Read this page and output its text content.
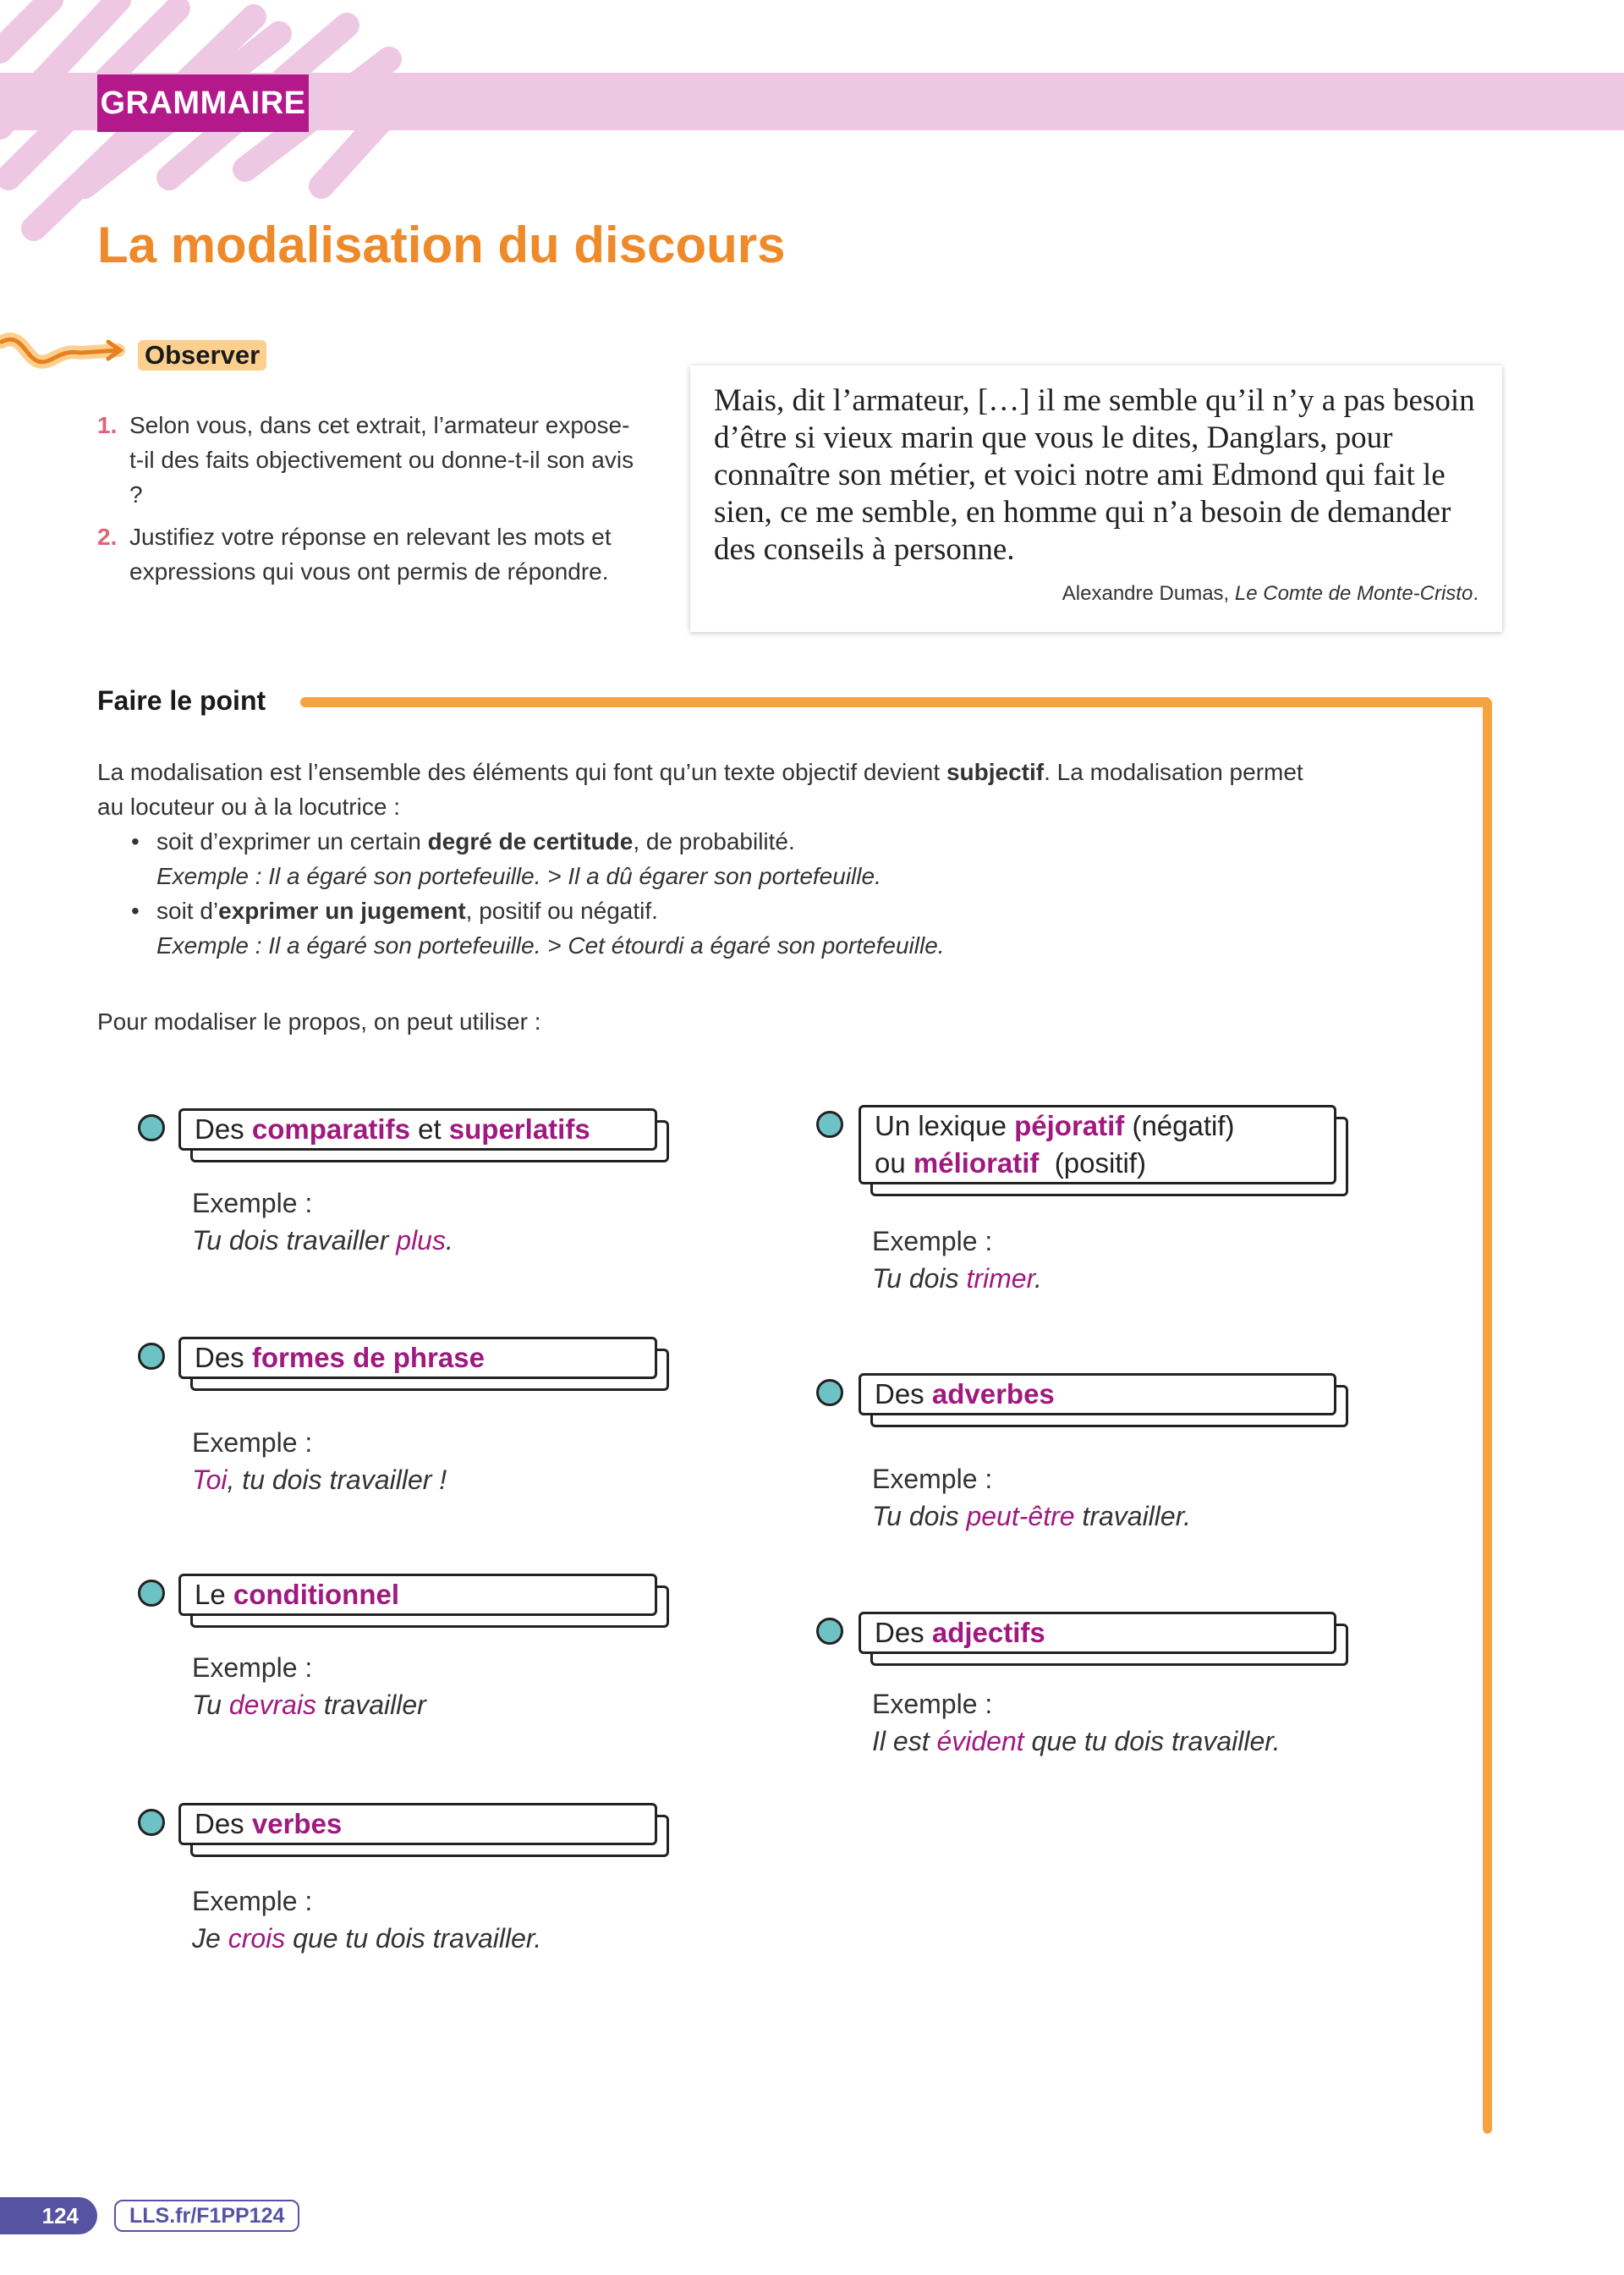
GRAMMAIRE
La modalisation du discours
Observer
1. Selon vous, dans cet extrait, l’armateur expose-t-il des faits objectivement ou donne-t-il son avis ?
2. Justifiez votre réponse en relevant les mots et expressions qui vous ont permis de répondre.

Mais, dit l’armateur, […] il me semble qu’il n’y a pas besoin d’être si vieux marin que vous le dites, Danglars, pour connaître son métier, et voici notre ami Edmond qui fait le sien, ce me semble, en homme qui n’a besoin de demander des conseils à personne.

Alexandre Dumas, Le Comte de Monte-Cristo.
Faire le point
La modalisation est l’ensemble des éléments qui font qu’un texte objectif devient subjectif. La modalisation permet
au locuteur ou à la locutrice :
• soit d’exprimer un certain degré de certitude, de probabilité.
Exemple : Il a égaré son portefeuille. > Il a dû égarer son portefeuille.
• soit d’exprimer un jugement, positif ou négatif.
Exemple : Il a égaré son portefeuille. > Cet étourdi a égaré son portefeuille.
Pour modaliser le propos, on peut utiliser :
Des comparatifs et superlatifs
Exemple :
Tu dois travailler plus.
Des formes de phrase
Exemple :
Toi, tu dois travailler !
Le conditionnel
Exemple :
Tu devrais travailler
Des verbes
Exemple :
Je crois que tu dois travailler.
Un lexique péjoratif (négatif)
ou mélioratif  (positif)
Exemple :
Tu dois trimer.
Des adverbes
Exemple :
Tu dois peut-être travailler.
Des adjectifs
Exemple :
Il est évident que tu dois travailler.
124	LLS.fr/F1PP124
